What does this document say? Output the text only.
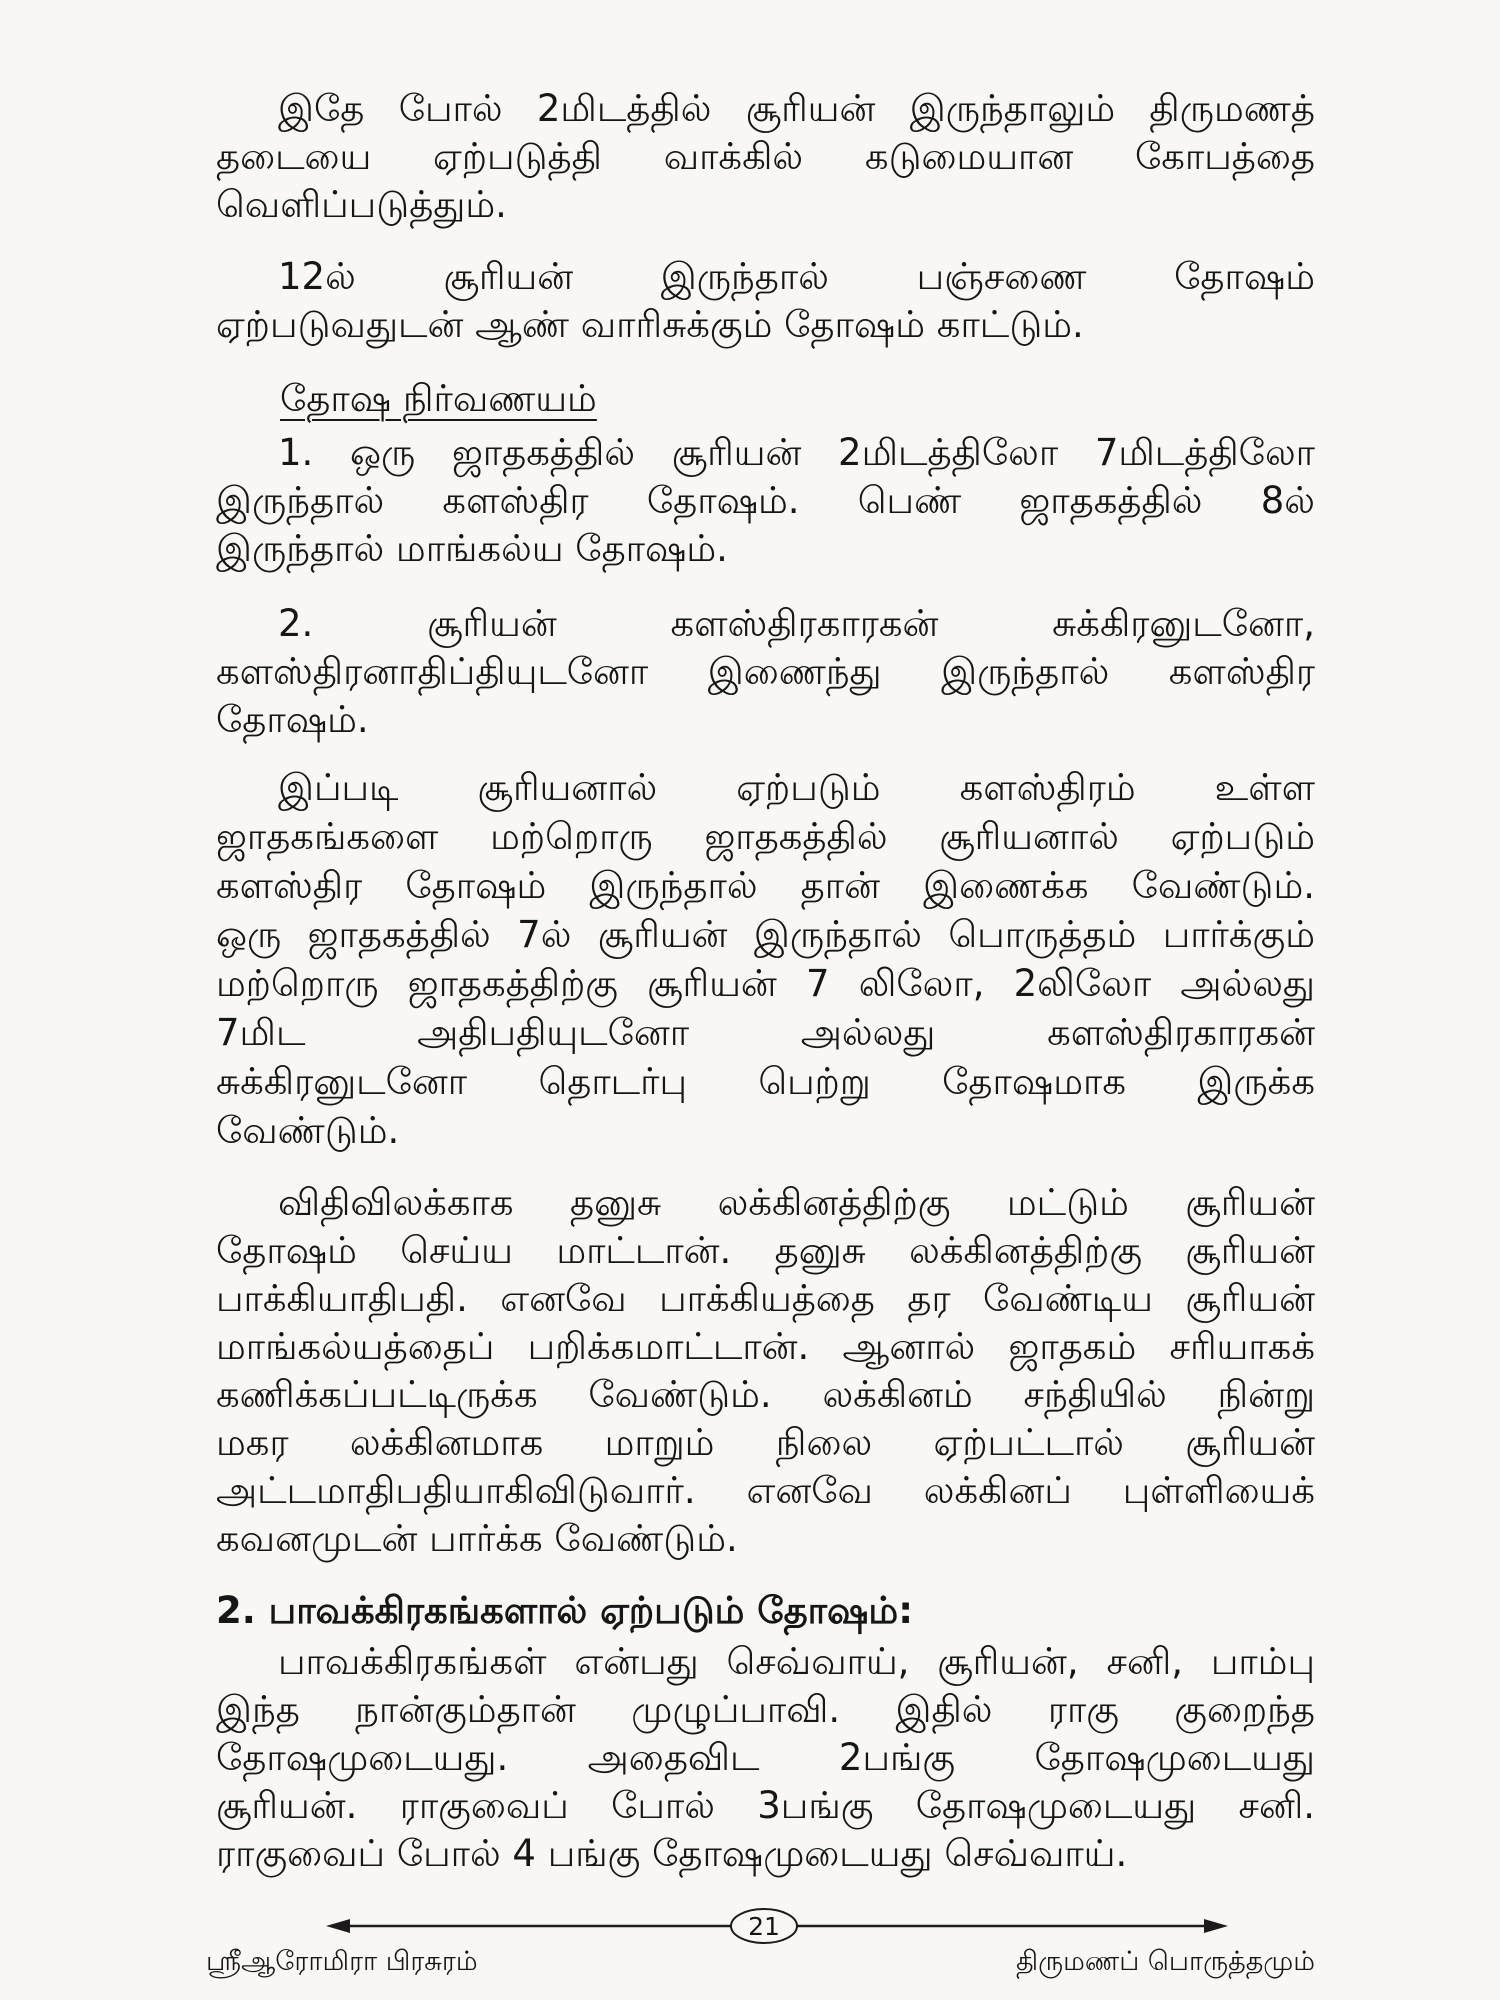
இதே போல் 2மிடத்தில் சூரியன் இருந்தாலும் திருமணத்
தடையை ஏற்படுத்தி வாக்கில் கடுமையான கோபத்தை
வெளிப்படுத்தும்.
12ல் சூரியன் இருந்தால் பஞ்சணை தோஷம்
ஏற்படுவதுடன் ஆண் வாரிசுக்கும் தோஷம் காட்டும்.
தோஷ நிர்வணயம்
1. ஒரு ஜாதகத்தில் சூரியன் 2மிடத்திலோ 7மிடத்திலோ
இருந்தால் களஸ்திர தோஷம். பெண் ஜாதகத்தில் 8ல்
இருந்தால் மாங்கல்ய தோஷம்.
2. சூரியன் களஸ்திரகாரகன் சுக்கிரனுடனோ,
களஸ்திரனாதிப்தியுடனோ இணைந்து இருந்தால் களஸ்திர
தோஷம்.
இப்படி சூரியனால் ஏற்படும் களஸ்திரம் உள்ள
ஜாதகங்களை மற்றொரு ஜாதகத்தில் சூரியனால் ஏற்படும்
களஸ்திர தோஷம் இருந்தால் தான் இணைக்க வேண்டும்.
ஒரு ஜாதகத்தில் 7ல் சூரியன் இருந்தால் பொருத்தம் பார்க்கும்
மற்றொரு ஜாதகத்திற்கு சூரியன் 7 லிலோ, 2லிலோ அல்லது
7மிட அதிபதியுடனோ அல்லது களஸ்திரகாரகன்
சுக்கிரனுடனோ தொடர்பு பெற்று தோஷமாக இருக்க
வேண்டும்.
விதிவிலக்காக தனுசு லக்கினத்திற்கு மட்டும் சூரியன்
தோஷம் செய்ய மாட்டான். தனுசு லக்கினத்திற்கு சூரியன்
பாக்கியாதிபதி. எனவே பாக்கியத்தை தர வேண்டிய சூரியன்
மாங்கல்யத்தைப் பறிக்கமாட்டான். ஆனால் ஜாதகம் சரியாகக்
கணிக்கப்பட்டிருக்க வேண்டும். லக்கினம் சந்தியில் நின்று
மகர லக்கினமாக மாறும் நிலை ஏற்பட்டால் சூரியன்
அட்டமாதிபதியாகிவிடுவார். எனவே லக்கினப் புள்ளியைக்
கவனமுடன் பார்க்க வேண்டும்.
2. பாவக்கிரகங்களால் ஏற்படும் தோஷம்:
பாவக்கிரகங்கள் என்பது செவ்வாய், சூரியன், சனி, பாம்பு
இந்த நான்கும்தான் முழுப்பாவி. இதில் ராகு குறைந்த
தோஷமுடையது. அதைவிட 2பங்கு தோஷமுடையது
சூரியன். ராகுவைப் போல் 3பங்கு தோஷமுடையது சனி.
ராகுவைப் போல் 4 பங்கு தோஷமுடையது செவ்வாய்.
21
ஸ்ரீஆரோமிரா பிரசுரம்	திருமணப் பொருத்தமும்
